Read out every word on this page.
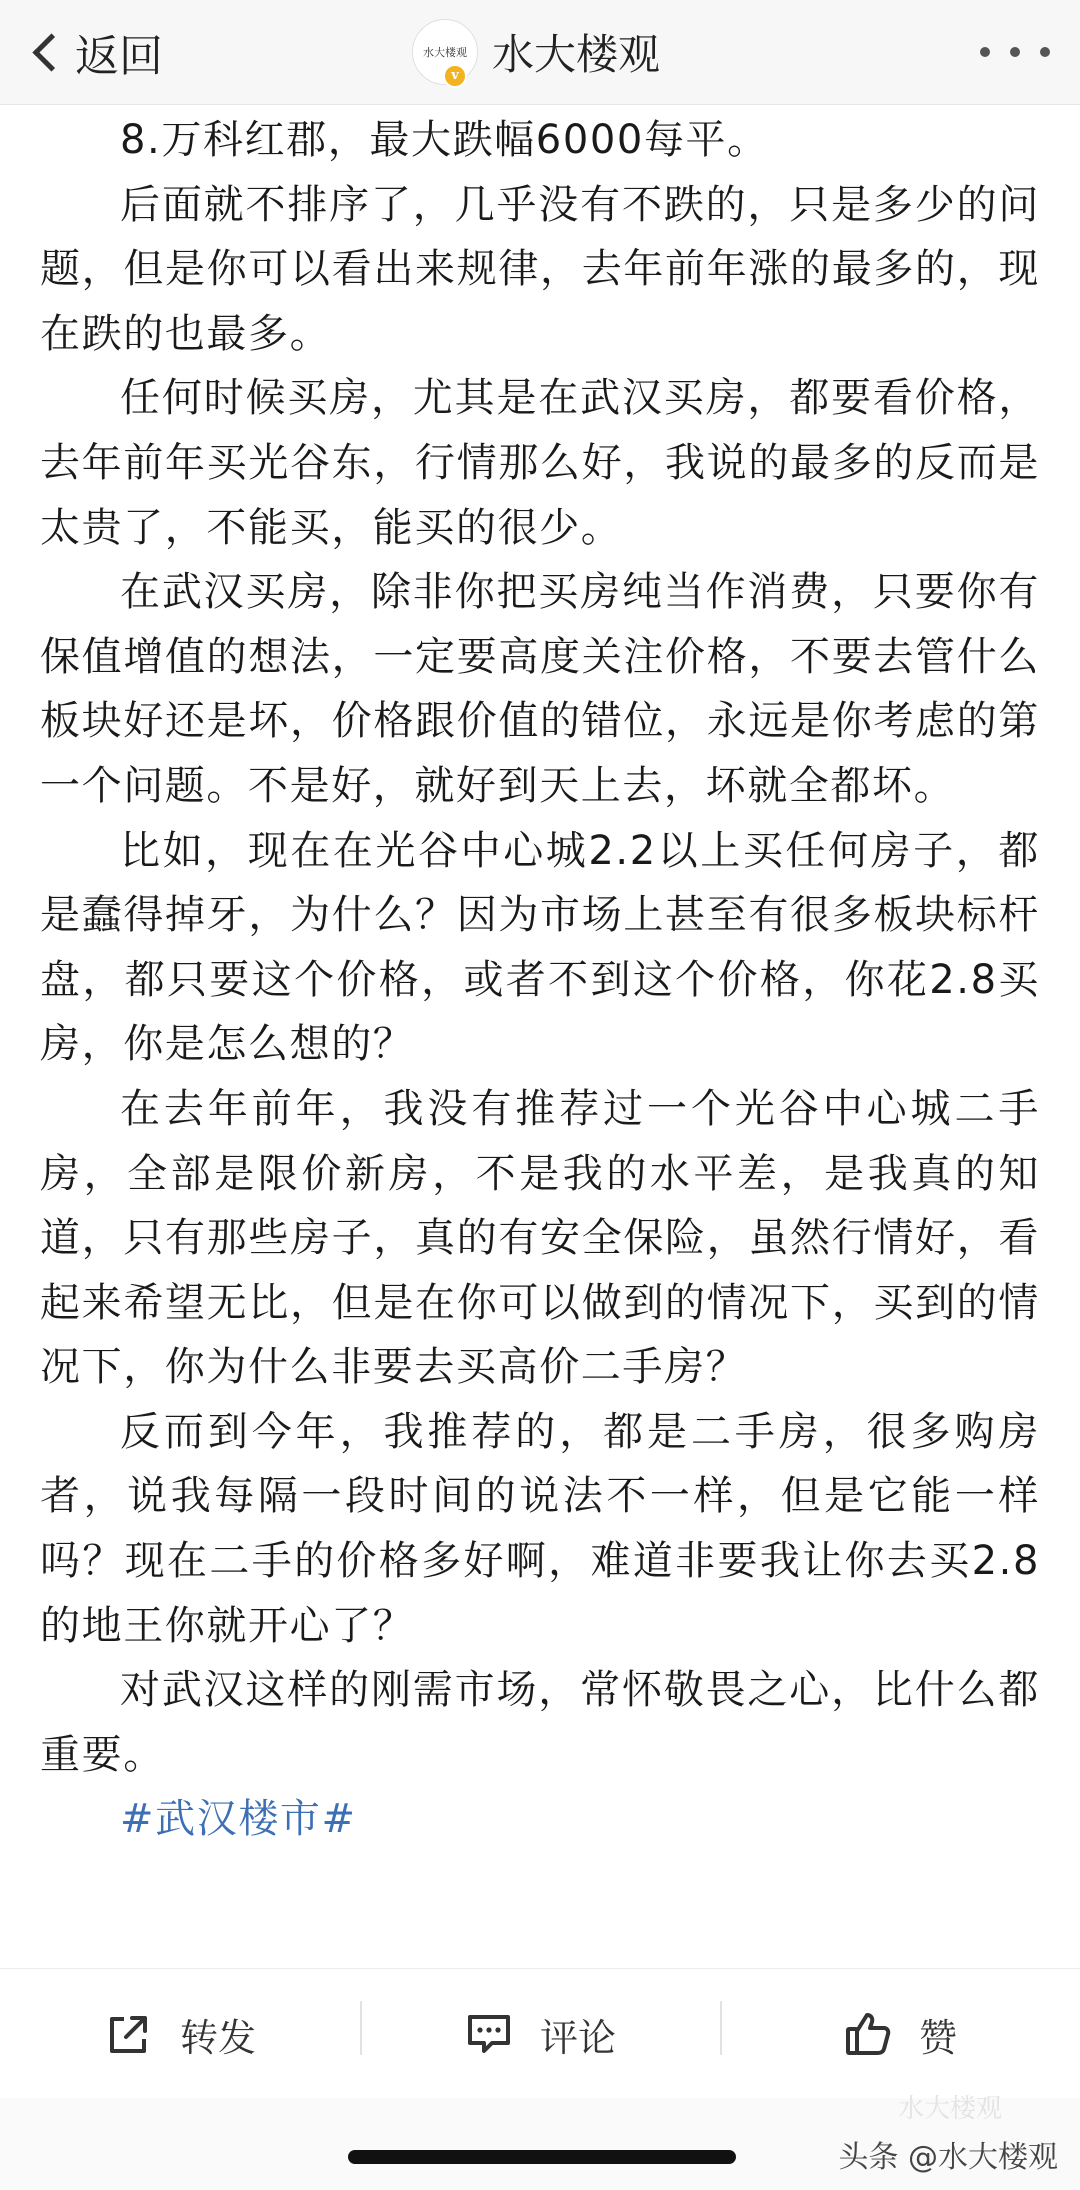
返回	水大楼观
v 水大楼观

8.万科红郡，最大跌幅6000每平。

后面就不排序了，几乎没有不跌的，只是多少的问题，但是你可以看出来规律，去年前年涨的最多的，现在跌的也最多。

任何时候买房，尤其是在武汉买房，都要看价格，去年前年买光谷东，行情那么好，我说的最多的反而是太贵了，不能买，能买的很少。

在武汉买房，除非你把买房纯当作消费，只要你有保值增值的想法，一定要高度关注价格，不要去管什么板块好还是坏，价格跟价值的错位，永远是你考虑的第一个问题。不是好，就好到天上去，坏就全都坏。

比如，现在在光谷中心城2.2以上买任何房子，都是蠢得掉牙，为什么？因为市场上甚至有很多板块标杆盘，都只要这个价格，或者不到这个价格，你花2.8买房，你是怎么想的？

在去年前年，我没有推荐过一个光谷中心城二手房，全部是限价新房，不是我的水平差，是我真的知道，只有那些房子，真的有安全保险，虽然行情好，看起来希望无比，但是在你可以做到的情况下，买到的情况下，你为什么非要去买高价二手房？

反而到今年，我推荐的，都是二手房，很多购房者，说我每隔一段时间的说法不一样，但是它能一样吗？现在二手的价格多好啊，难道非要我让你去买2.8的地王你就开心了？

对武汉这样的刚需市场，常怀敬畏之心，比什么都重要。

#武汉楼市#

转发	评论	赞
水大楼观
头条 @水大楼观
